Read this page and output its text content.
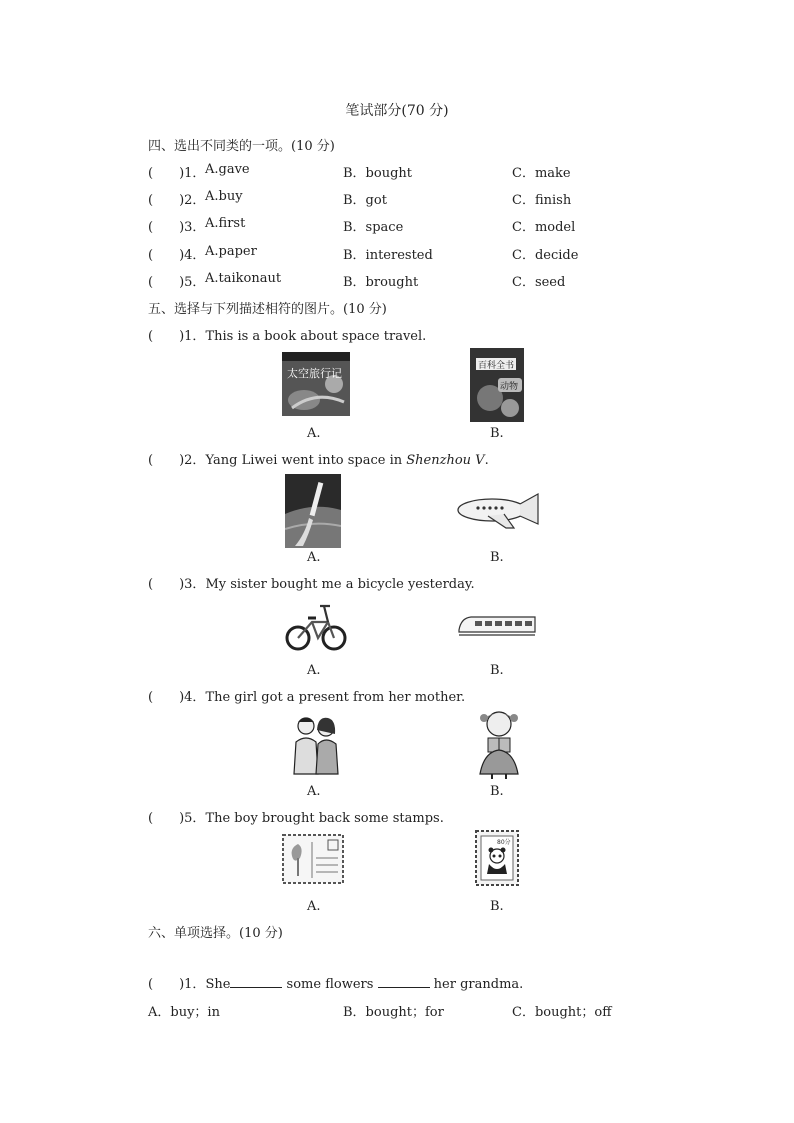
笔试部分(70 分)
四、选出不同类的一项。(10 分)
( )1． A.gave	B．bought	C．make
( )2． A.buy	B．got	C．finish
( )3． A.first	B．space	C．model
( )4． A.paper	B．interested	C．decide
( )5． A.taikonaut	B．brought	C．seed
五、选择与下列描述相符的图片。(10 分)
( )1．This is a book about space travel.
太空旅行记
百科全书
动物
A.	B.
( )2．Yang Liwei went into space in Shenzhou V.
A.	B.
( )3．My sister bought me a bicycle yesterday.
A.	B.
( )4．The girl got a present from her mother.
A.	B.
( )5．The boy brought back some stamps.
80分
A.	B.
六、单项选择。(10 分)
( )1．She	some flowers	her grandma.
A．buy；in	B．bought；for	C．bought；off
